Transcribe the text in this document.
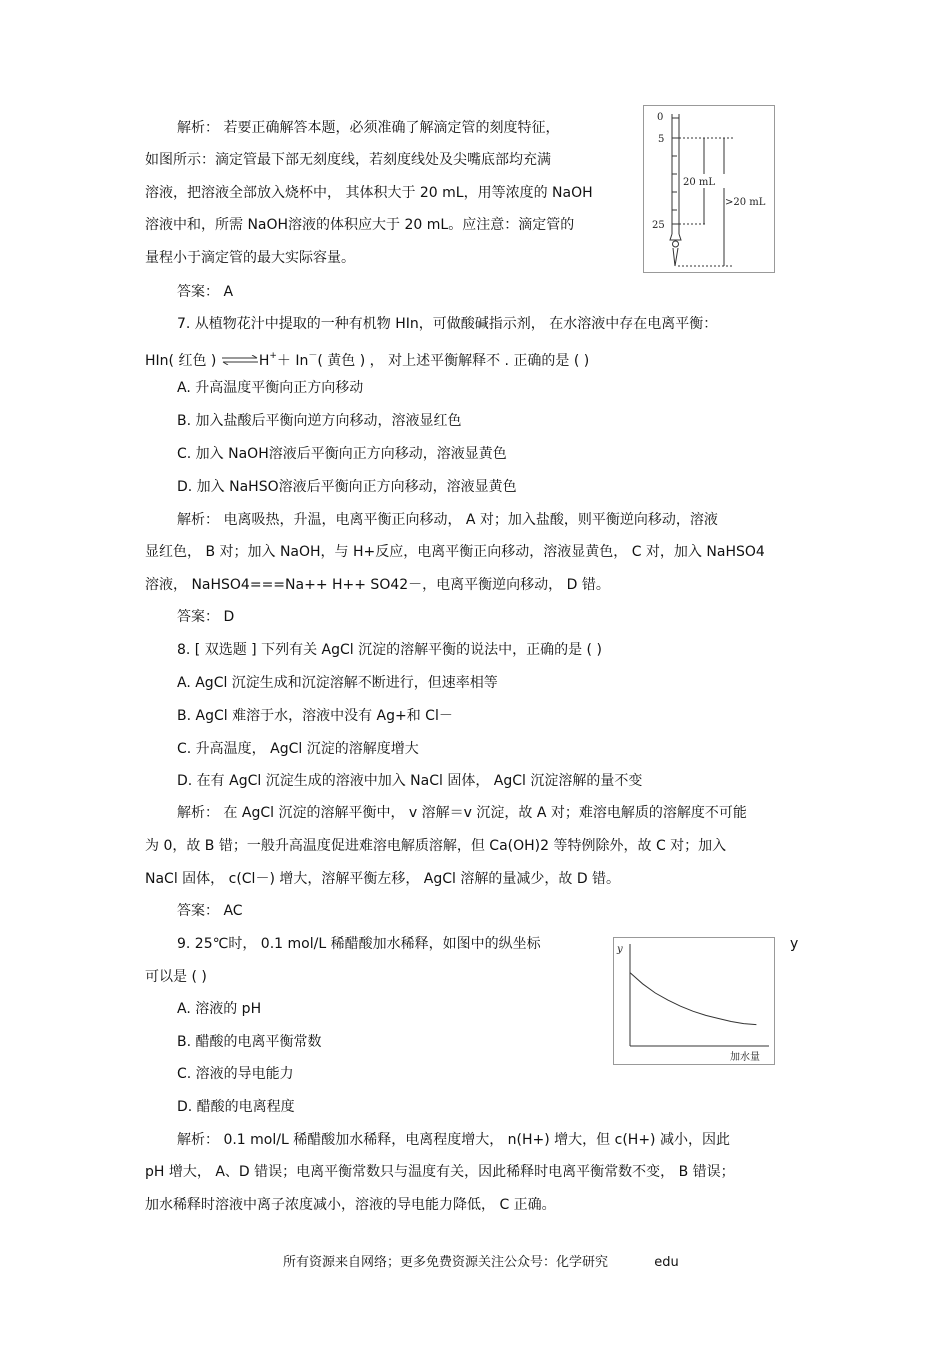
解析： 若要正确解答本题，必须准确了解滴定管的刻度特征，
如图所示：滴定管最下部无刻度线，若刻度线处及尖嘴底部均充满
溶液，把溶液全部放入烧杯中， 其体积大于 20 mL，用等浓度的 NaOH
溶液中和，所需 NaOH溶液的体积应大于 20 mL。应注意：滴定管的
量程小于滴定管的最大实际容量。
答案： A
0
5
25
20 mL
>20 mL
7. 从植物花汁中提取的一种有机物 HIn，可做酸碱指示剂， 在水溶液中存在电离平衡：
HIn( 红色 ) ⇌H+＋ In－( 黄色 ) ， 对上述平衡解释不 . 正确的是 ( )
A. 升高温度平衡向正方向移动
B. 加入盐酸后平衡向逆方向移动，溶液显红色
C. 加入 NaOH溶液后平衡向正方向移动，溶液显黄色
D. 加入 NaHSO溶液后平衡向正方向移动，溶液显黄色
解析： 电离吸热，升温，电离平衡正向移动， A 对；加入盐酸，则平衡逆向移动，溶液
显红色， B 对；加入 NaOH，与 H+反应，电离平衡正向移动，溶液显黄色， C 对，加入 NaHSO4
溶液， NaHSO4===Na++ H++ SO42－，电离平衡逆向移动， D 错。
答案： D
8. [ 双选题 ] 下列有关 AgCl 沉淀的溶解平衡的说法中，正确的是 ( )
A. AgCl 沉淀生成和沉淀溶解不断进行，但速率相等
B. AgCl 难溶于水，溶液中没有 Ag+和 Cl－
C. 升高温度， AgCl 沉淀的溶解度增大
D. 在有 AgCl 沉淀生成的溶液中加入 NaCl 固体， AgCl 沉淀溶解的量不变
解析： 在 AgCl 沉淀的溶解平衡中， v 溶解＝v 沉淀，故 A 对；难溶电解质的溶解度不可能
为 0，故 B 错；一般升高温度促进难溶电解质溶解，但 Ca(OH)2 等特例除外，故 C 对；加入
NaCl 固体， c(Cl－) 增大，溶解平衡左移， AgCl 溶解的量减少，故 D 错。
答案： AC
9. 25℃时， 0.1 mol/L 稀醋酸加水稀释，如图中的纵坐标	y
可以是 ( )
A. 溶液的 pH
B. 醋酸的电离平衡常数
C. 溶液的导电能力
D. 醋酸的电离程度
解析： 0.1 mol/L 稀醋酸加水稀释，电离程度增大， n(H+) 增大，但 c(H+) 减小，因此
pH 增大， A、D 错误；电离平衡常数只与温度有关，因此稀释时电离平衡常数不变， B 错误；
加水稀释时溶液中离子浓度减小，溶液的导电能力降低， C 正确。
y
加水量
所有资源来自网络；更多免费资源关注公众号：化学研究	edu
